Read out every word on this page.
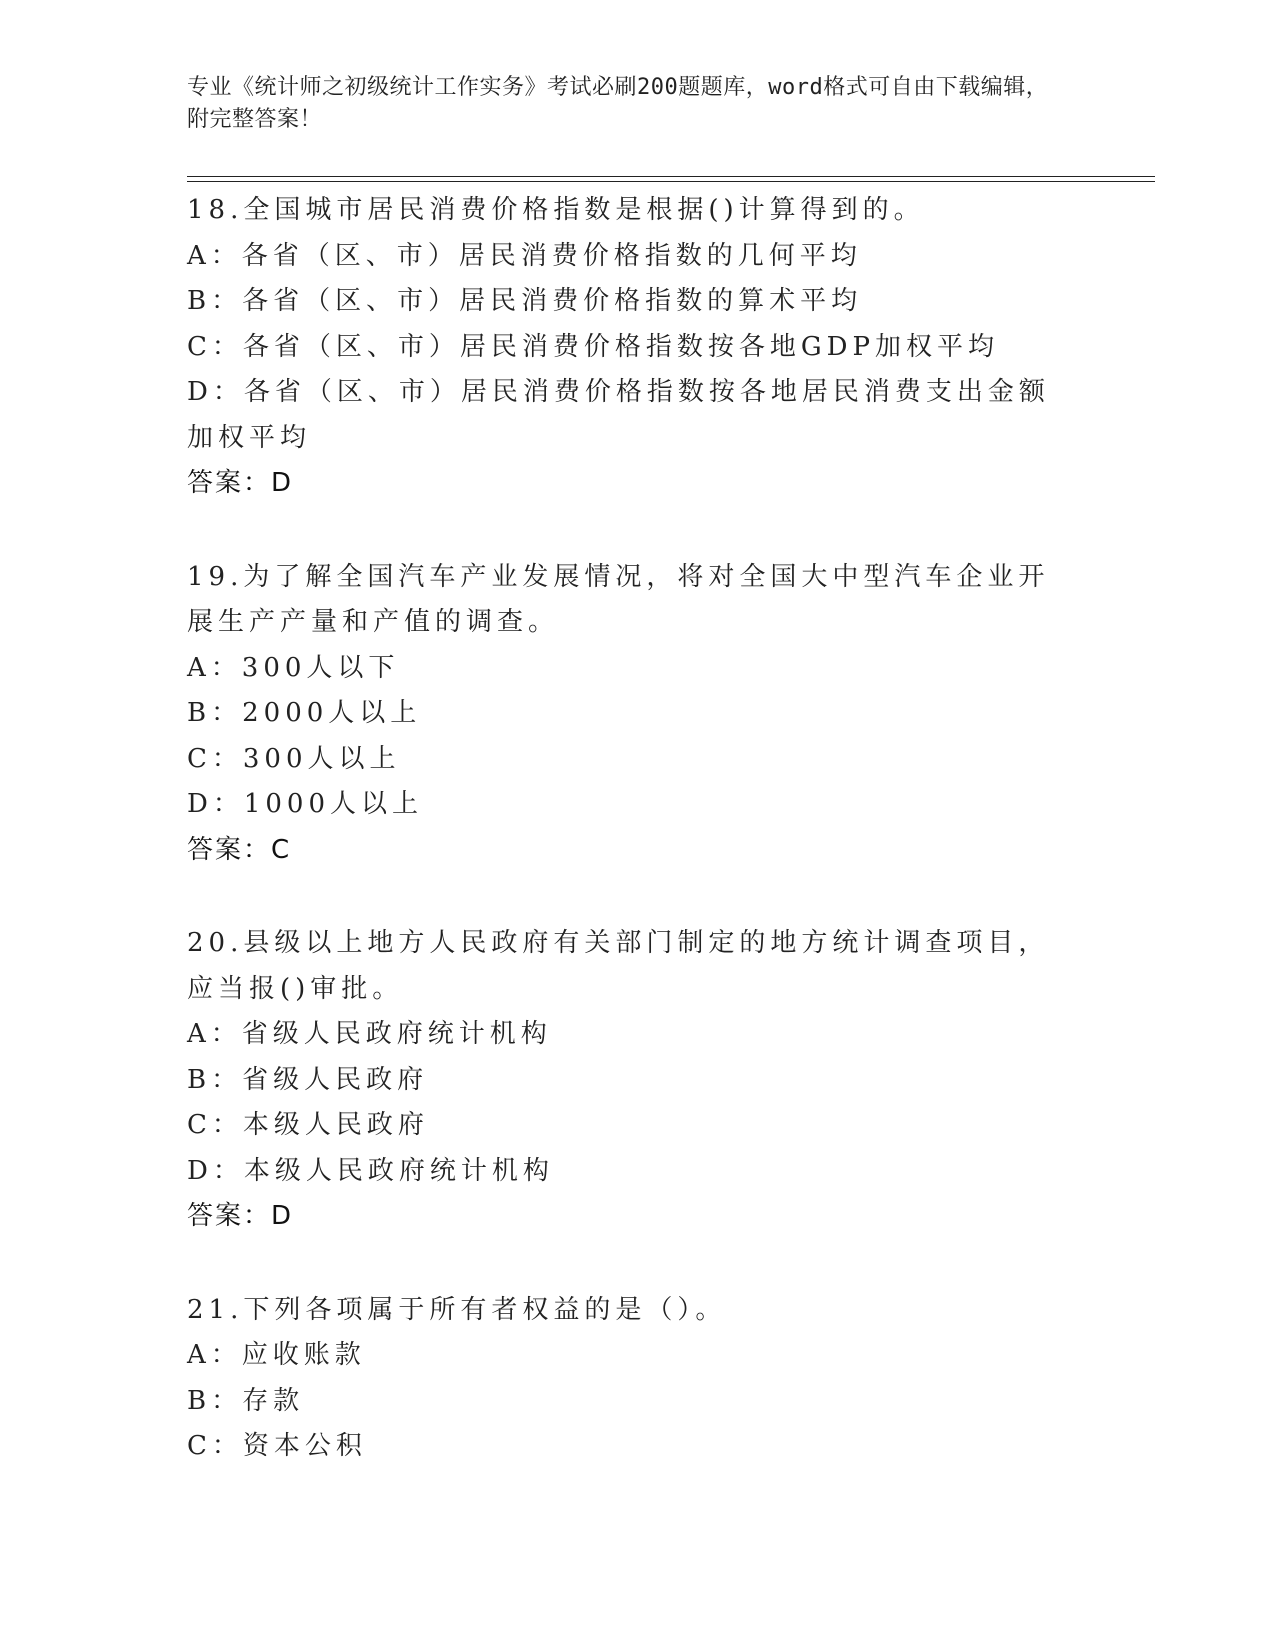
专业《统计师之初级统计工作实务》考试必刷200题题库，word格式可自由下载编辑，附完整答案！
18.全国城市居民消费价格指数是根据()计算得到的。
A：各省（区、市）居民消费价格指数的几何平均
B：各省（区、市）居民消费价格指数的算术平均
C：各省（区、市）居民消费价格指数按各地GDP加权平均
D：各省（区、市）居民消费价格指数按各地居民消费支出金额加权平均
答案：D
19.为了解全国汽车产业发展情况，将对全国大中型汽车企业开展生产产量和产值的调查。
A：300人以下
B：2000人以上
C：300人以上
D：1000人以上
答案：C
20.县级以上地方人民政府有关部门制定的地方统计调查项目，应当报()审批。
A：省级人民政府统计机构
B：省级人民政府
C：本级人民政府
D：本级人民政府统计机构
答案：D
21.下列各项属于所有者权益的是（）。
A：应收账款
B：存款
C：资本公积
